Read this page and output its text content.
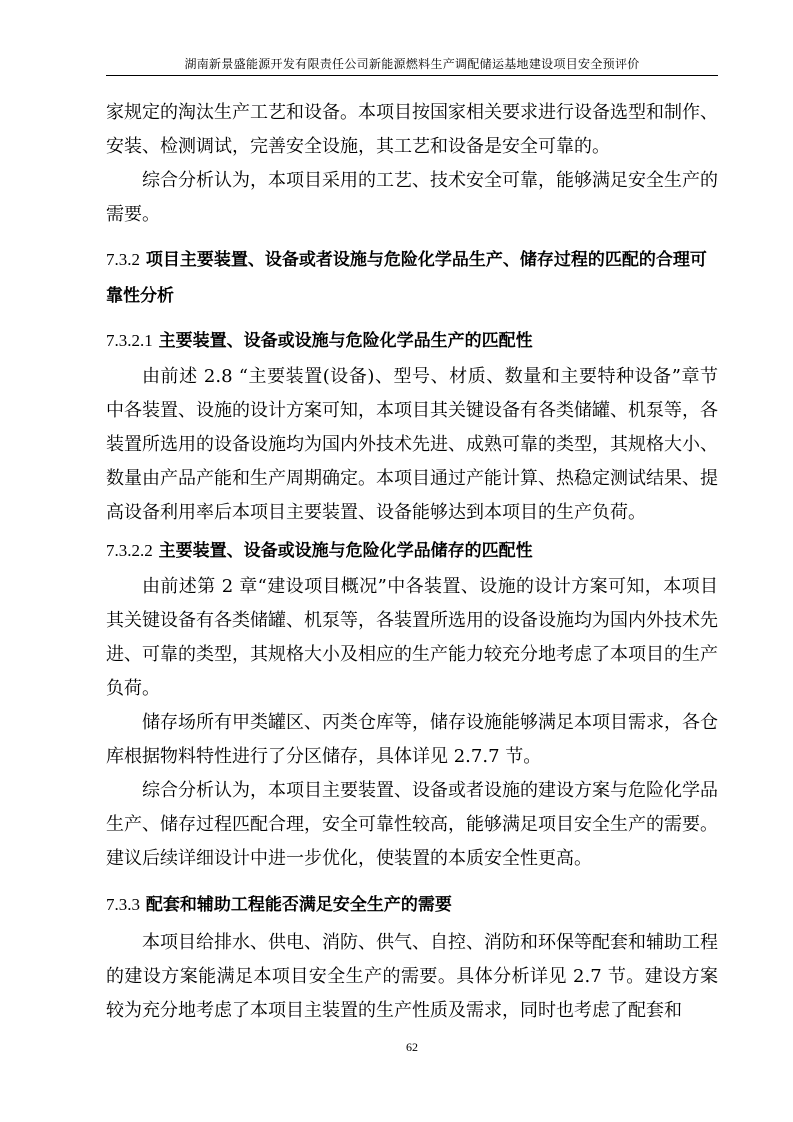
湖南新景盛能源开发有限责任公司新能源燃料生产调配储运基地建设项目安全预评价

家规定的淘汰生产工艺和设备。本项目按国家相关要求进行设备选型和制作、安装、检测调试，完善安全设施，其工艺和设备是安全可靠的。

综合分析认为，本项目采用的工艺、技术安全可靠，能够满足安全生产的需要。

7.3.2 项目主要装置、设备或者设施与危险化学品生产、储存过程的匹配的合理可靠性分析
7.3.2.1 主要装置、设备或设施与危险化学品生产的匹配性

由前述 2.8 “主要装置(设备)、型号、材质、数量和主要特种设备”章节中各装置、设施的设计方案可知，本项目其关键设备有各类储罐、机泵等，各装置所选用的设备设施均为国内外技术先进、成熟可靠的类型，其规格大小、数量由产品产能和生产周期确定。本项目通过产能计算、热稳定测试结果、提高设备利用率后本项目主要装置、设备能够达到本项目的生产负荷。

7.3.2.2 主要装置、设备或设施与危险化学品储存的匹配性

由前述第 2 章“建设项目概况”中各装置、设施的设计方案可知，本项目其关键设备有各类储罐、机泵等，各装置所选用的设备设施均为国内外技术先进、可靠的类型，其规格大小及相应的生产能力较充分地考虑了本项目的生产负荷。

储存场所有甲类罐区、丙类仓库等，储存设施能够满足本项目需求，各仓库根据物料特性进行了分区储存，具体详见 2.7.7 节。

综合分析认为，本项目主要装置、设备或者设施的建设方案与危险化学品生产、储存过程匹配合理，安全可靠性较高，能够满足项目安全生产的需要。建议后续详细设计中进一步优化，使装置的本质安全性更高。

7.3.3 配套和辅助工程能否满足安全生产的需要

本项目给排水、供电、消防、供气、自控、消防和环保等配套和辅助工程的建设方案能满足本项目安全生产的需要。具体分析详见 2.7 节。建设方案较为充分地考虑了本项目主装置的生产性质及需求，同时也考虑了配套和

62
